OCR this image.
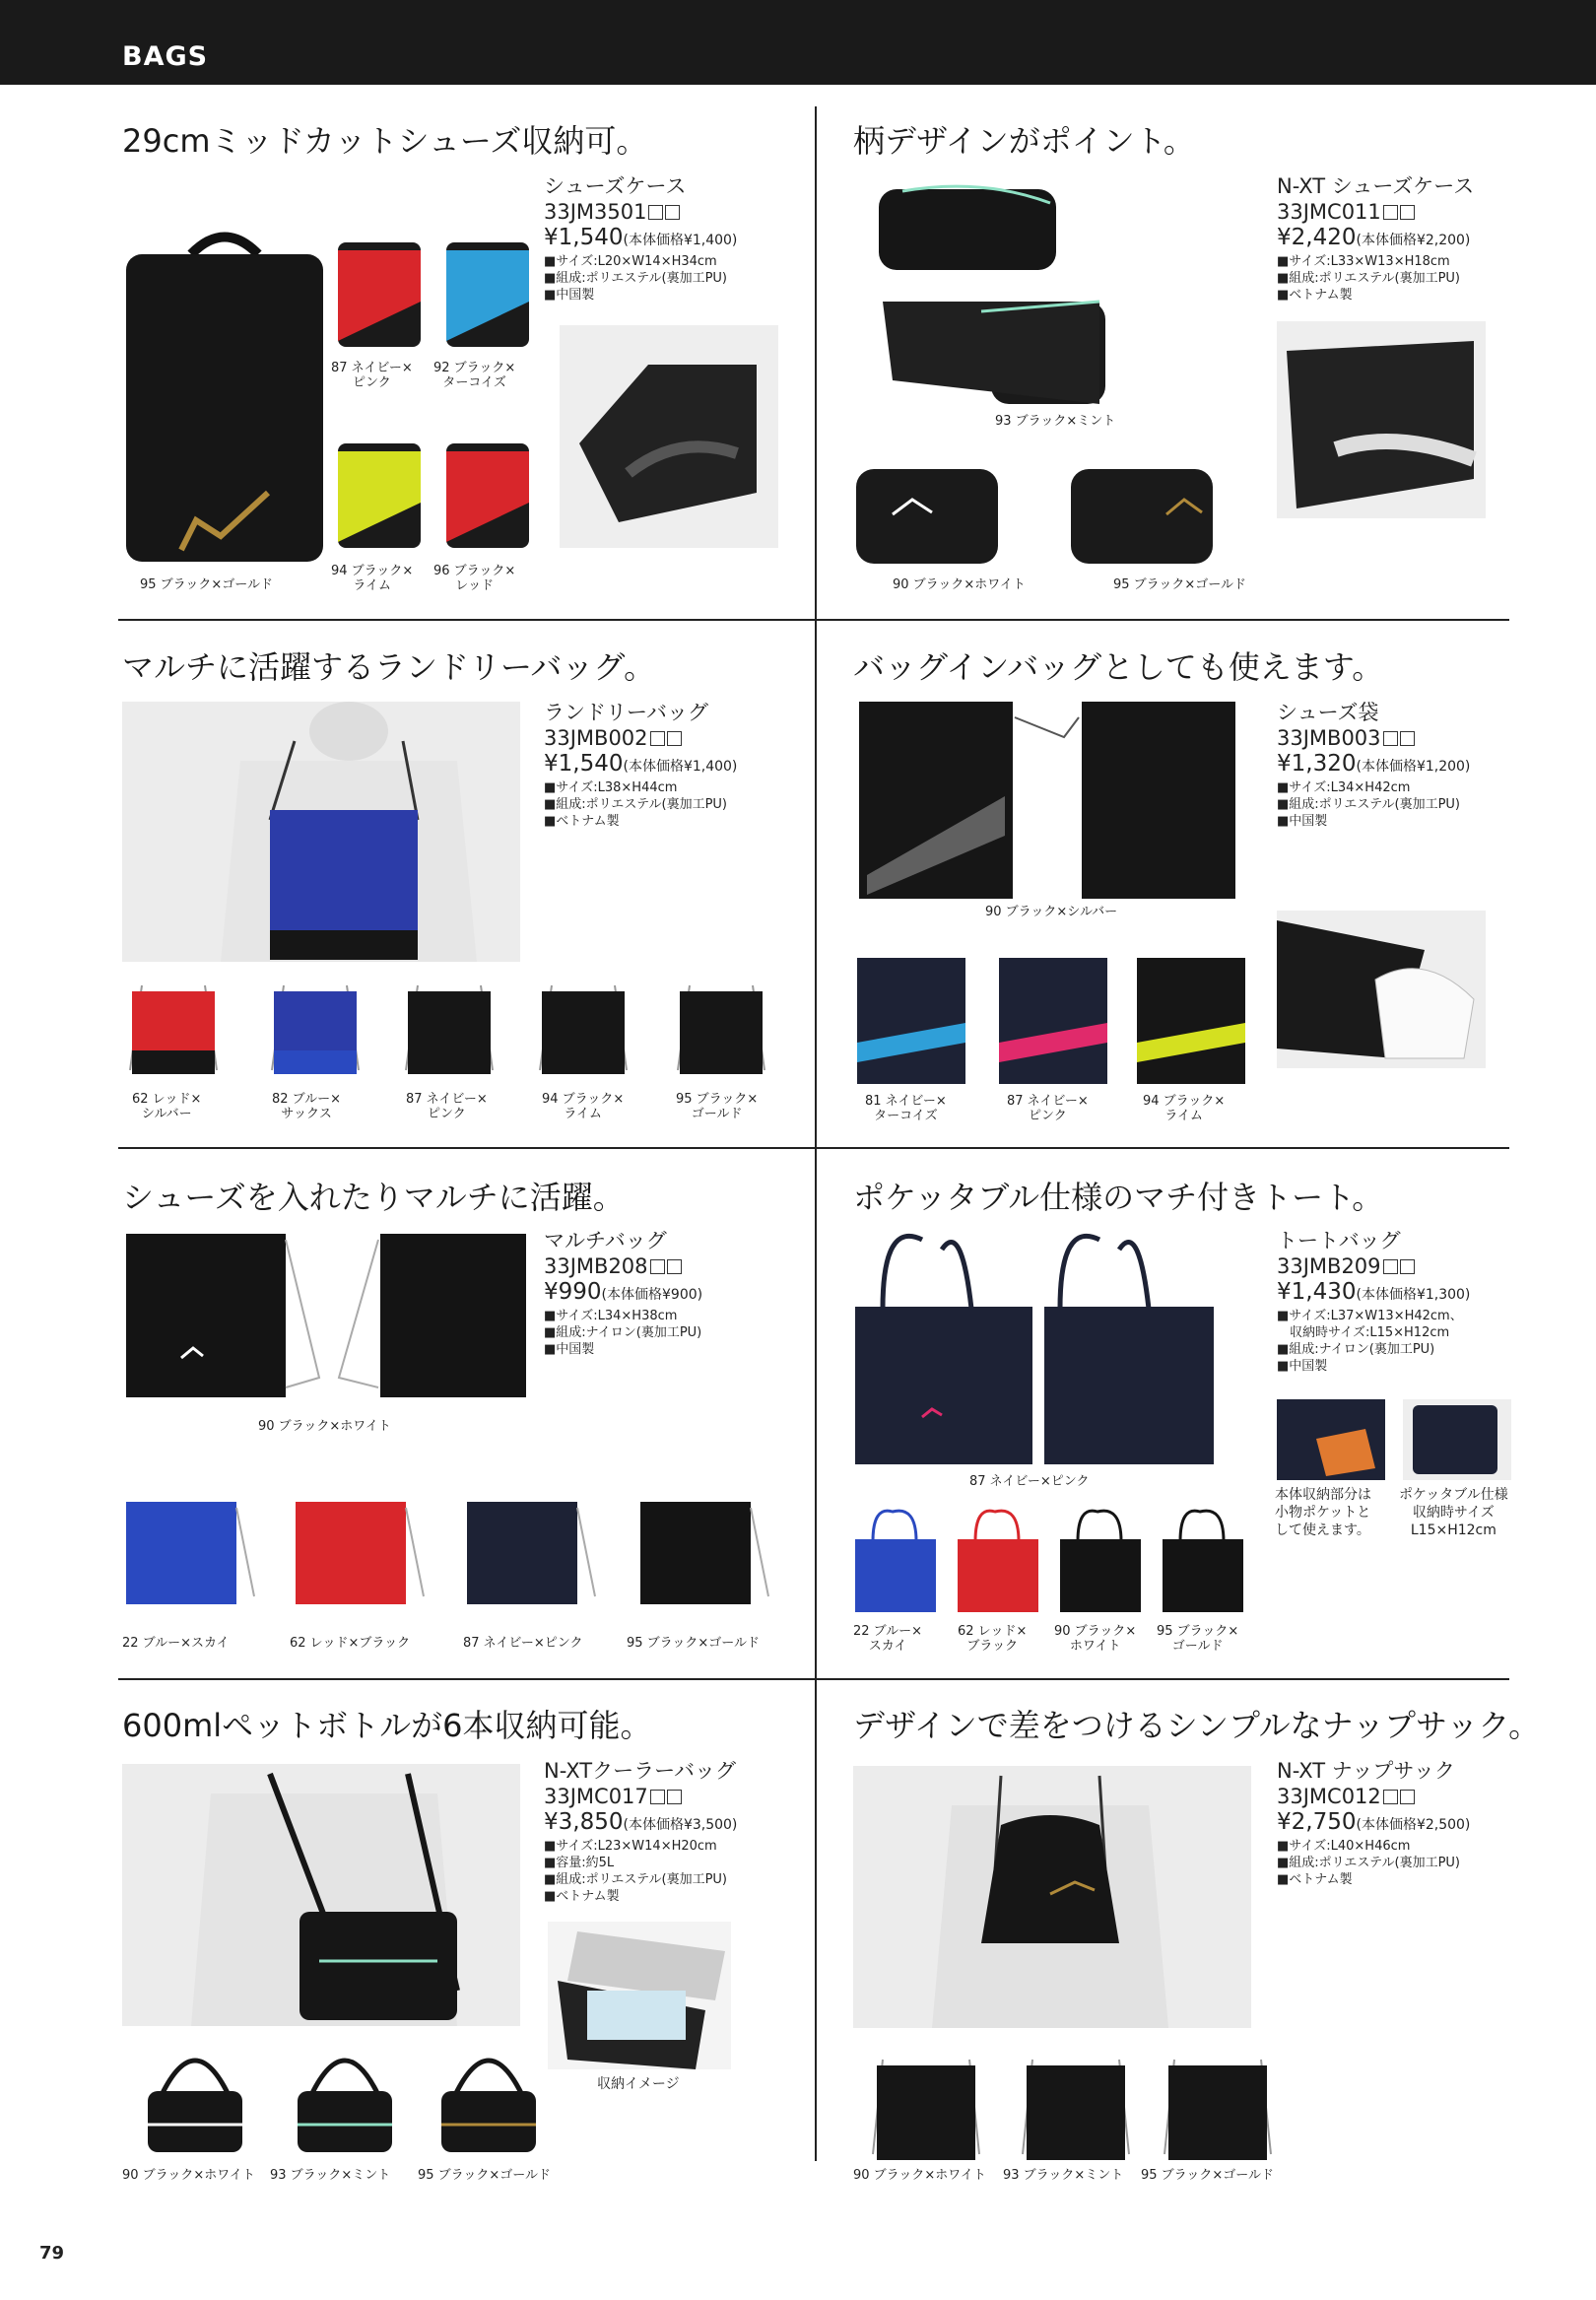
BAGS
29cmミッドカットシューズ収納可。
シューズケース
33JM3501
¥1,540(本体価格¥1,400)
■サイズ:L20×W14×H34cm
■組成:ポリエステル(裏加工PU)
■中国製
95 ブラック×ゴールド
87 ネイビー×
ピンク
92 ブラック×
ターコイズ
94 ブラック×
ライム
96 ブラック×
レッド
柄デザインがポイント。
N-XT シューズケース
33JMC011
¥2,420(本体価格¥2,200)
■サイズ:L33×W13×H18cm
■組成:ポリエステル(裏加工PU)
■ベトナム製
93 ブラック×ミント
90 ブラック×ホワイト	95 ブラック×ゴールド
マルチに活躍するランドリーバッグ。
ランドリーバッグ
33JMB002
¥1,540(本体価格¥1,400)
■サイズ:L38×H44cm
■組成:ポリエステル(裏加工PU)
■ベトナム製
62 レッド×
シルバー
82 ブルー×
サックス
87 ネイビー×
ピンク
94 ブラック×
ライム
95 ブラック×
ゴールド
バッグインバッグとしても使えます。
シューズ袋
33JMB003
¥1,320(本体価格¥1,200)
■サイズ:L34×H42cm
■組成:ポリエステル(裏加工PU)
■中国製
90 ブラック×シルバー
81 ネイビー×
ターコイズ
87 ネイビー×
ピンク
94 ブラック×
ライム
シューズを入れたりマルチに活躍。
マルチバッグ
33JMB208
¥990(本体価格¥900)
■サイズ:L34×H38cm
■組成:ナイロン(裏加工PU)
■中国製
90 ブラック×ホワイト
22 ブルー×スカイ	62 レッド×ブラック	87 ネイビー×ピンク	95 ブラック×ゴールド
ポケッタブル仕様のマチ付きトート。
トートバッグ
33JMB209
¥1,430(本体価格¥1,300)
■サイズ:L37×W13×H42cm、
　収納時サイズ:L15×H12cm
■組成:ナイロン(裏加工PU)
■中国製
87 ネイビー×ピンク
22 ブルー×
スカイ
62 レッド×
ブラック
90 ブラック×
ホワイト
95 ブラック×
ゴールド
本体収納部分は
小物ポケットと
して使えます。
ポケッタブル仕様
収納時サイズ
L15×H12cm
600mlペットボトルが6本収納可能。
N-XTクーラーバッグ
33JMC017
¥3,850(本体価格¥3,500)
■サイズ:L23×W14×H20cm
■容量:約5L
■組成:ポリエステル(裏加工PU)
■ベトナム製
収納イメージ
90 ブラック×ホワイト 93 ブラック×ミント 95 ブラック×ゴールド
デザインで差をつけるシンプルなナップサック。
N-XT ナップサック
33JMC012
¥2,750(本体価格¥2,500)
■サイズ:L40×H46cm
■組成:ポリエステル(裏加工PU)
■ベトナム製
90 ブラック×ホワイト 93 ブラック×ミント 95 ブラック×ゴールド
79
